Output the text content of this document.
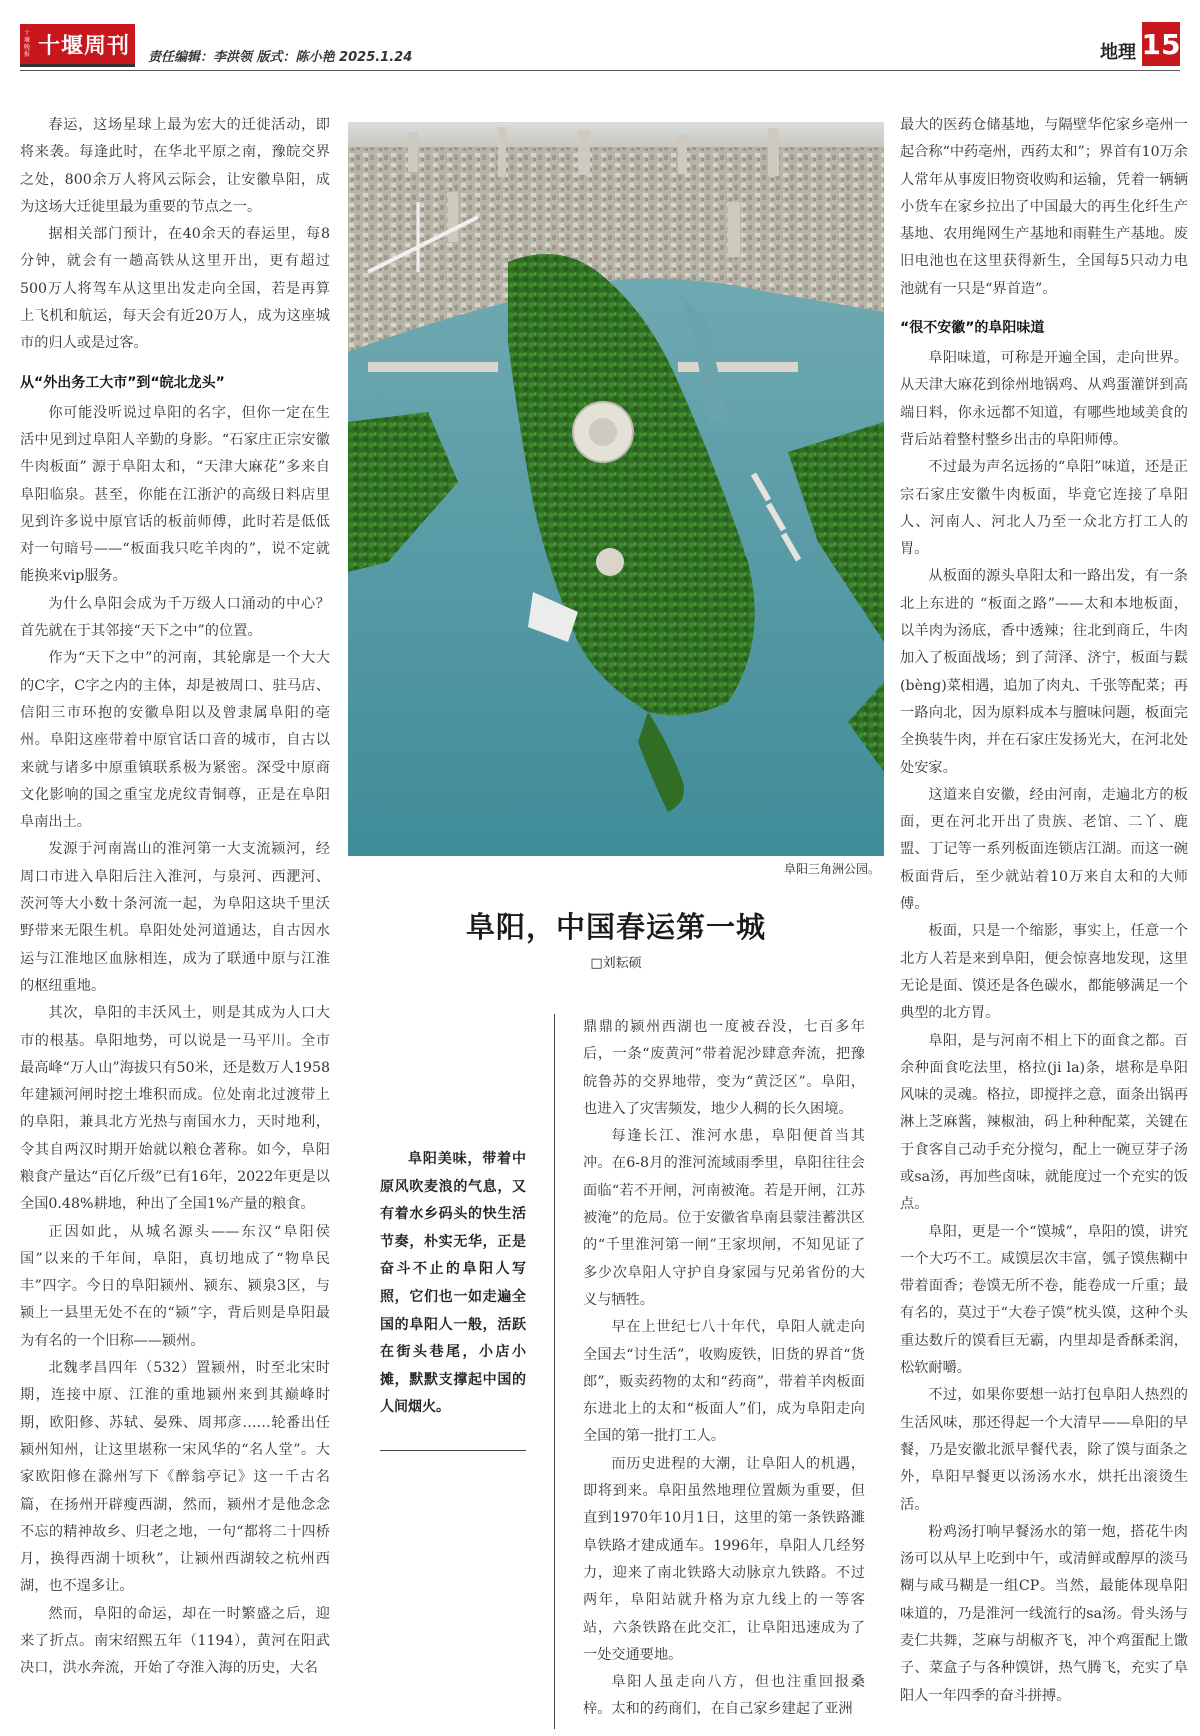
十堰晚报 十堰周刊 责任编辑：李洪领 版式：陈小艳 2025.1.24	地理 15

春运，这场星球上最为宏大的迁徙活动，即将来袭。每逢此时，在华北平原之南，豫皖交界之处，800余万人将风云际会，让安徽阜阳，成为这场大迁徙里最为重要的节点之一。

据相关部门预计，在40余天的春运里，每8分钟，就会有一趟高铁从这里开出，更有超过500万人将驾车从这里出发走向全国，若是再算上飞机和航运，每天会有近20万人，成为这座城市的归人或是过客。

从“外出务工大市”到“皖北龙头”

你可能没听说过阜阳的名字，但你一定在生活中见到过阜阳人辛勤的身影。“石家庄正宗安徽牛肉板面” 源于阜阳太和，“天津大麻花”多来自阜阳临泉。甚至，你能在江浙沪的高级日料店里见到许多说中原官话的板前师傅，此时若是低低对一句暗号——“板面我只吃羊肉的”，说不定就能换来vip服务。

为什么阜阳会成为千万级人口涌动的中心？首先就在于其邻接“天下之中”的位置。

作为“天下之中”的河南，其轮廓是一个大大的C字，C字之内的主体，却是被周口、驻马店、信阳三市环抱的安徽阜阳以及曾隶属阜阳的亳州。阜阳这座带着中原官话口音的城市，自古以来就与诸多中原重镇联系极为紧密。深受中原商文化影响的国之重宝龙虎纹青铜尊，正是在阜阳阜南出土。

发源于河南嵩山的淮河第一大支流颍河，经周口市进入阜阳后注入淮河，与泉河、西淝河、茨河等大小数十条河流一起，为阜阳这块千里沃野带来无限生机。阜阳处处河道通达，自古因水运与江淮地区血脉相连，成为了联通中原与江淮的枢纽重地。

其次，阜阳的丰沃风土，则是其成为人口大市的根基。阜阳地势，可以说是一马平川。全市最高峰“万人山”海拔只有50米，还是数万人1958年建颍河闸时挖土堆积而成。位处南北过渡带上的阜阳，兼具北方光热与南国水力，天时地利，令其自两汉时期开始就以粮仓著称。如今，阜阳粮食产量达“百亿斤级”已有16年，2022年更是以全国0.48%耕地，种出了全国1%产量的粮食。

正因如此，从城名源头——东汉“阜阳侯国”以来的千年间，阜阳，真切地成了“物阜民丰”四字。今日的阜阳颍州、颍东、颍泉3区，与颍上一县里无处不在的“颍”字，背后则是阜阳最为有名的一个旧称——颍州。

北魏孝昌四年（532）置颍州，时至北宋时期，连接中原、江淮的重地颍州来到其巅峰时期，欧阳修、苏轼、晏殊、周邦彦……轮番出任颍州知州，让这里堪称一宋风华的“名人堂”。大家欧阳修在滁州写下《醉翁亭记》这一千古名篇，在扬州开辟瘦西湖，然而，颍州才是他念念不忘的精神故乡、归老之地，一句“都将二十四桥月，换得西湖十顷秋”，让颍州西湖较之杭州西湖，也不遑多让。

然而，阜阳的命运，却在一时繁盛之后，迎来了折点。南宋绍熙五年（1194），黄河在阳武决口，洪水奔流，开始了夺淮入海的历史，大名

阜阳三角洲公园。
阜阳，中国春运第一城
□刘耘硕

阜阳美味，带着中原风吹麦浪的气息，又有着水乡码头的快生活节奏，朴实无华，正是奋斗不止的阜阳人写照，它们也一如走遍全国的阜阳人一般，活跃在街头巷尾，小店小摊，默默支撑起中国的人间烟火。

鼎鼎的颍州西湖也一度被吞没，七百多年后，一条“废黄河”带着泥沙肆意奔流，把豫皖鲁苏的交界地带，变为“黄泛区”。阜阳，也进入了灾害频发，地少人稠的长久困境。

每逢长江、淮河水患，阜阳便首当其冲。在6-8月的淮河流域雨季里，阜阳往往会面临“若不开闸，河南被淹。若是开闸，江苏被淹”的危局。位于安徽省阜南县蒙洼蓄洪区的“千里淮河第一闸”王家坝闸，不知见证了多少次阜阳人守护自身家园与兄弟省份的大义与牺牲。

早在上世纪七八十年代，阜阳人就走向全国去“讨生活”，收购废铁，旧货的界首“货郎”，贩卖药物的太和“药商”，带着羊肉板面东进北上的太和“板面人”们，成为阜阳走向全国的第一批打工人。

而历史进程的大潮，让阜阳人的机遇，即将到来。阜阳虽然地理位置颇为重要，但直到1970年10月1日，这里的第一条铁路濉阜铁路才建成通车。1996年，阜阳人几经努力，迎来了南北铁路大动脉京九铁路。不过两年，阜阳站就升格为京九线上的一等客站，六条铁路在此交汇，让阜阳迅速成为了一处交通要地。

阜阳人虽走向八方，但也注重回报桑梓。太和的药商们，在自己家乡建起了亚洲

最大的医药仓储基地，与隔壁华佗家乡亳州一起合称“中药亳州，西药太和”；界首有10万余人常年从事废旧物资收购和运输，凭着一辆辆小货车在家乡拉出了中国最大的再生化纤生产基地、农用绳网生产基地和雨鞋生产基地。废旧电池也在这里获得新生，全国每5只动力电池就有一只是“界首造”。

“很不安徽”的阜阳味道

阜阳味道，可称是开遍全国，走向世界。从天津大麻花到徐州地锅鸡、从鸡蛋灌饼到高端日料，你永远都不知道，有哪些地域美食的背后站着整村整乡出击的阜阳师傅。

不过最为声名远扬的“阜阳”味道，还是正宗石家庄安徽牛肉板面，毕竟它连接了阜阳人、河南人、河北人乃至一众北方打工人的胃。

从板面的源头阜阳太和一路出发，有一条北上东进的 “板面之路”——太和本地板面，以羊肉为汤底，香中透辣；往北到商丘，牛肉加入了板面战场；到了菏泽、济宁，板面与鬏(bèng)菜相遇，追加了肉丸、千张等配菜；再一路向北，因为原料成本与膻味问题，板面完全换装牛肉，并在石家庄发扬光大，在河北处处安家。

这道来自安徽，经由河南，走遍北方的板面，更在河北开出了贵族、老馆、二丫、鹿盟、丁记等一系列板面连锁店江湖。而这一碗板面背后，至少就站着10万来自太和的大师傅。

板面，只是一个缩影，事实上，任意一个北方人若是来到阜阳，便会惊喜地发现，这里无论是面、馍还是各色碳水，都能够满足一个典型的北方胃。

阜阳，是与河南不相上下的面食之都。百余种面食吃法里，格拉(ji la)条，堪称是阜阳风味的灵魂。格拉，即搅拌之意，面条出锅再淋上芝麻酱，辣椒油，码上种种配菜，关键在于食客自己动手充分搅匀，配上一碗豆芽子汤或sa汤，再加些卤味，就能度过一个充实的饭点。

阜阳，更是一个“馍城”，阜阳的馍，讲究一个大巧不工。咸馍层次丰富，瓠子馍焦糊中带着面香；卷馍无所不卷，能卷成一斤重；最有名的，莫过于“大卷子馍”枕头馍，这种个头重达数斤的馍看巨无霸，内里却是香酥柔润，松软耐嚼。

不过，如果你要想一站打包阜阳人热烈的生活风味，那还得起一个大清早——阜阳的早餐，乃是安徽北派早餐代表，除了馍与面条之外，阜阳早餐更以汤汤水水，烘托出滚烫生活。

粉鸡汤打响早餐汤水的第一炮，搭花牛肉汤可以从早上吃到中午，或清鲜或醇厚的淡马糊与咸马糊是一组CP。当然，最能体现阜阳味道的，乃是淮河一线流行的sa汤。骨头汤与麦仁共舞，芝麻与胡椒齐飞，冲个鸡蛋配上馓子、菜盒子与各种馍饼，热气腾飞，充实了阜阳人一年四季的奋斗拼搏。
